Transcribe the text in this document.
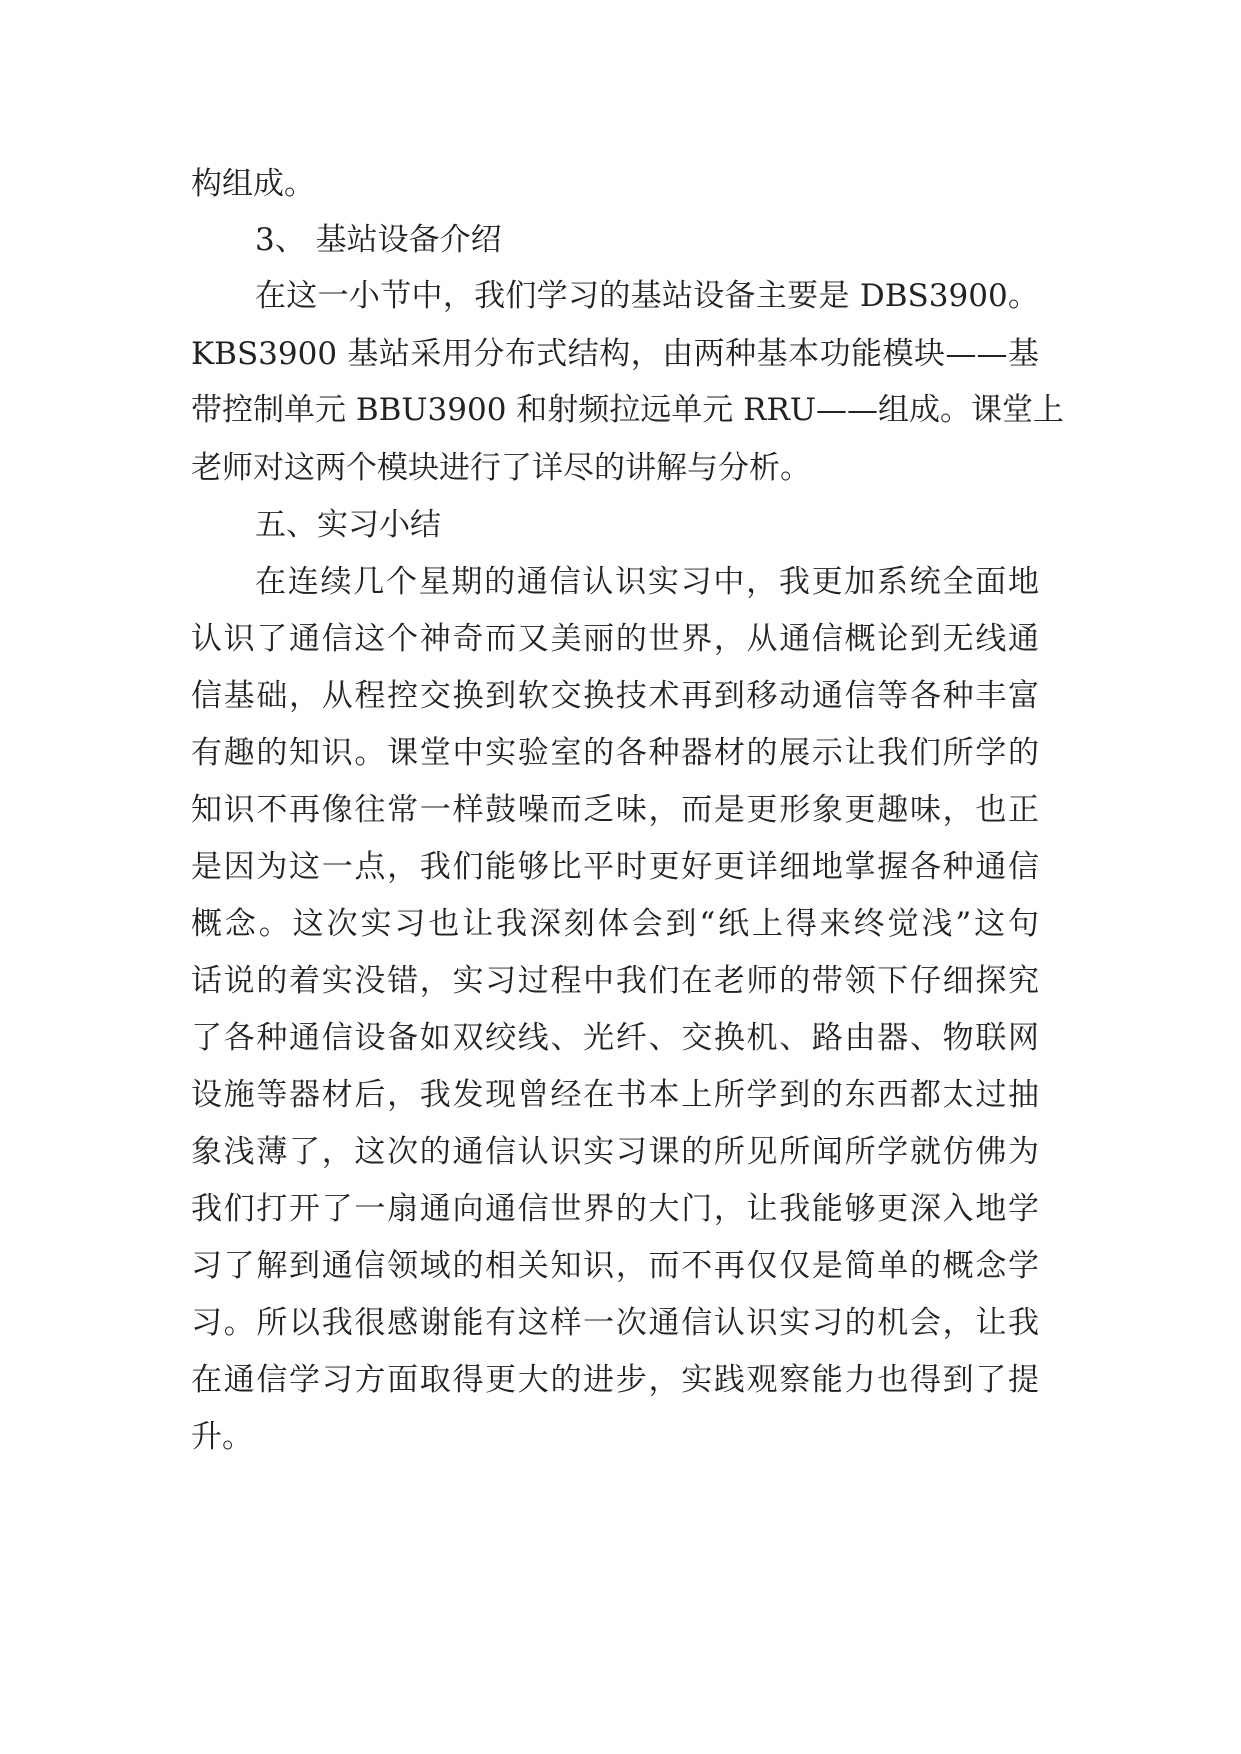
构组成。
3、 基站设备介绍
在这一小节中，我们学习的基站设备主要是 DBS3900。
KBS3900 基站采用分布式结构，由两种基本功能模块——基
带控制单元 BBU3900 和射频拉远单元 RRU——组成。课堂上
老师对这两个模块进行了详尽的讲解与分析。
五、实习小结
在连续几个星期的通信认识实习中，我更加系统全面地
认识了通信这个神奇而又美丽的世界，从通信概论到无线通
信基础，从程控交换到软交换技术再到移动通信等各种丰富
有趣的知识。课堂中实验室的各种器材的展示让我们所学的
知识不再像往常一样鼓噪而乏味，而是更形象更趣味，也正
是因为这一点，我们能够比平时更好更详细地掌握各种通信
概念。这次实习也让我深刻体会到“纸上得来终觉浅”这句
话说的着实没错，实习过程中我们在老师的带领下仔细探究
了各种通信设备如双绞线、光纤、交换机、路由器、物联网
设施等器材后，我发现曾经在书本上所学到的东西都太过抽
象浅薄了，这次的通信认识实习课的所见所闻所学就仿佛为
我们打开了一扇通向通信世界的大门，让我能够更深入地学
习了解到通信领域的相关知识，而不再仅仅是简单的概念学
习。所以我很感谢能有这样一次通信认识实习的机会，让我
在通信学习方面取得更大的进步，实践观察能力也得到了提
升。
